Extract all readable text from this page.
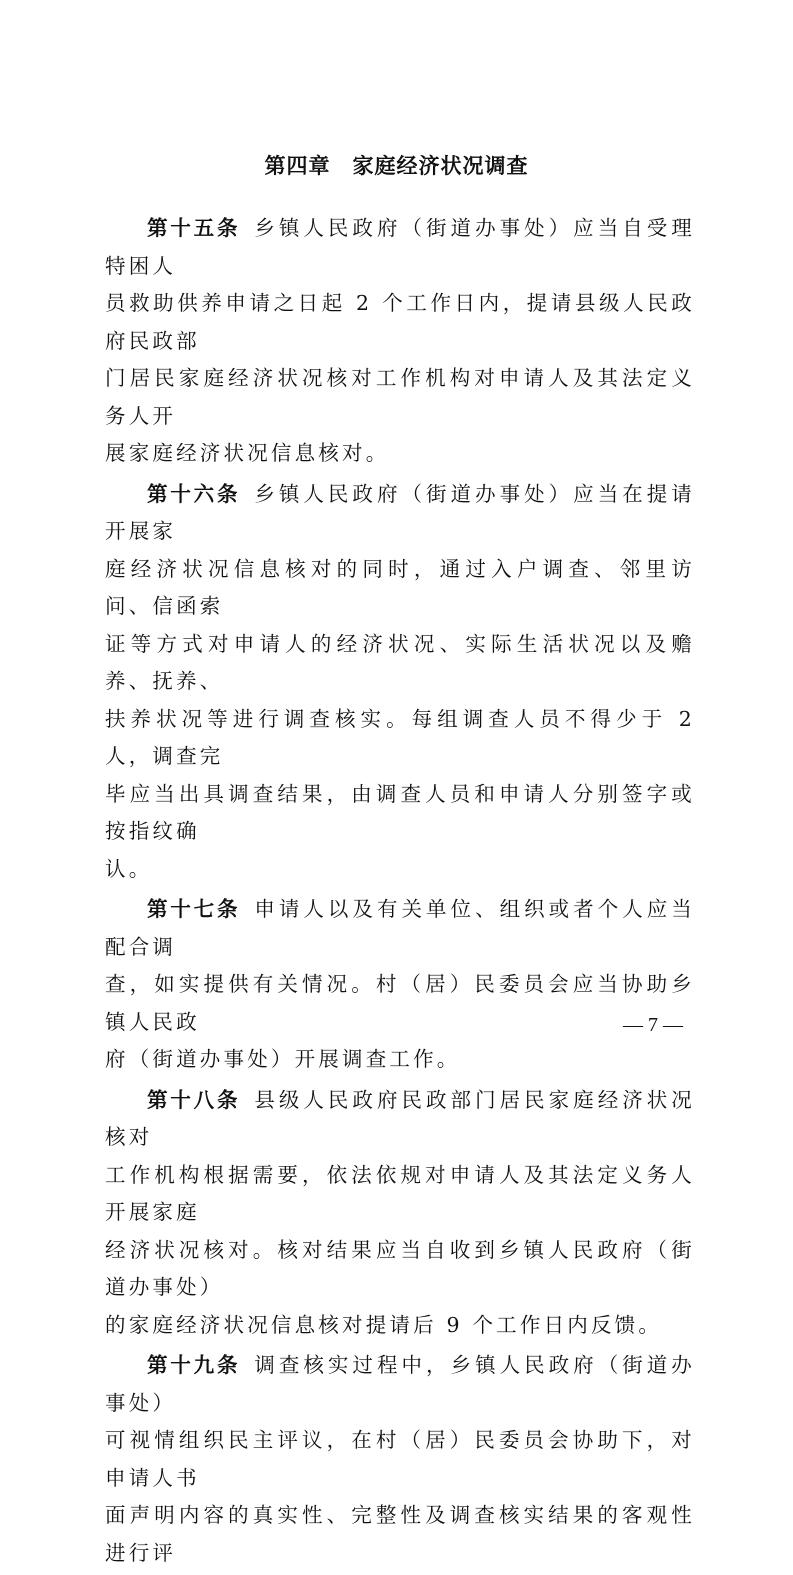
第四章 家庭经济状况调查
第十五条 乡镇人民政府（街道办事处）应当自受理特困人
员救助供养申请之日起 2 个工作日内，提请县级人民政府民政部
门居民家庭经济状况核对工作机构对申请人及其法定义务人开
展家庭经济状况信息核对。
第十六条 乡镇人民政府（街道办事处）应当在提请开展家
庭经济状况信息核对的同时，通过入户调查、邻里访问、信函索
证等方式对申请人的经济状况、实际生活状况以及赡养、抚养、
扶养状况等进行调查核实。每组调查人员不得少于 2 人，调查完
毕应当出具调查结果，由调查人员和申请人分别签字或按指纹确
认。
第十七条 申请人以及有关单位、组织或者个人应当配合调
查，如实提供有关情况。村（居）民委员会应当协助乡镇人民政
府（街道办事处）开展调查工作。
第十八条 县级人民政府民政部门居民家庭经济状况核对
工作机构根据需要，依法依规对申请人及其法定义务人开展家庭
经济状况核对。核对结果应当自收到乡镇人民政府（街道办事处）
的家庭经济状况信息核对提请后 9 个工作日内反馈。
第十九条 调查核实过程中，乡镇人民政府（街道办事处）
可视情组织民主评议，在村（居）民委员会协助下，对申请人书
面声明内容的真实性、完整性及调查核实结果的客观性进行评
— 7 —
